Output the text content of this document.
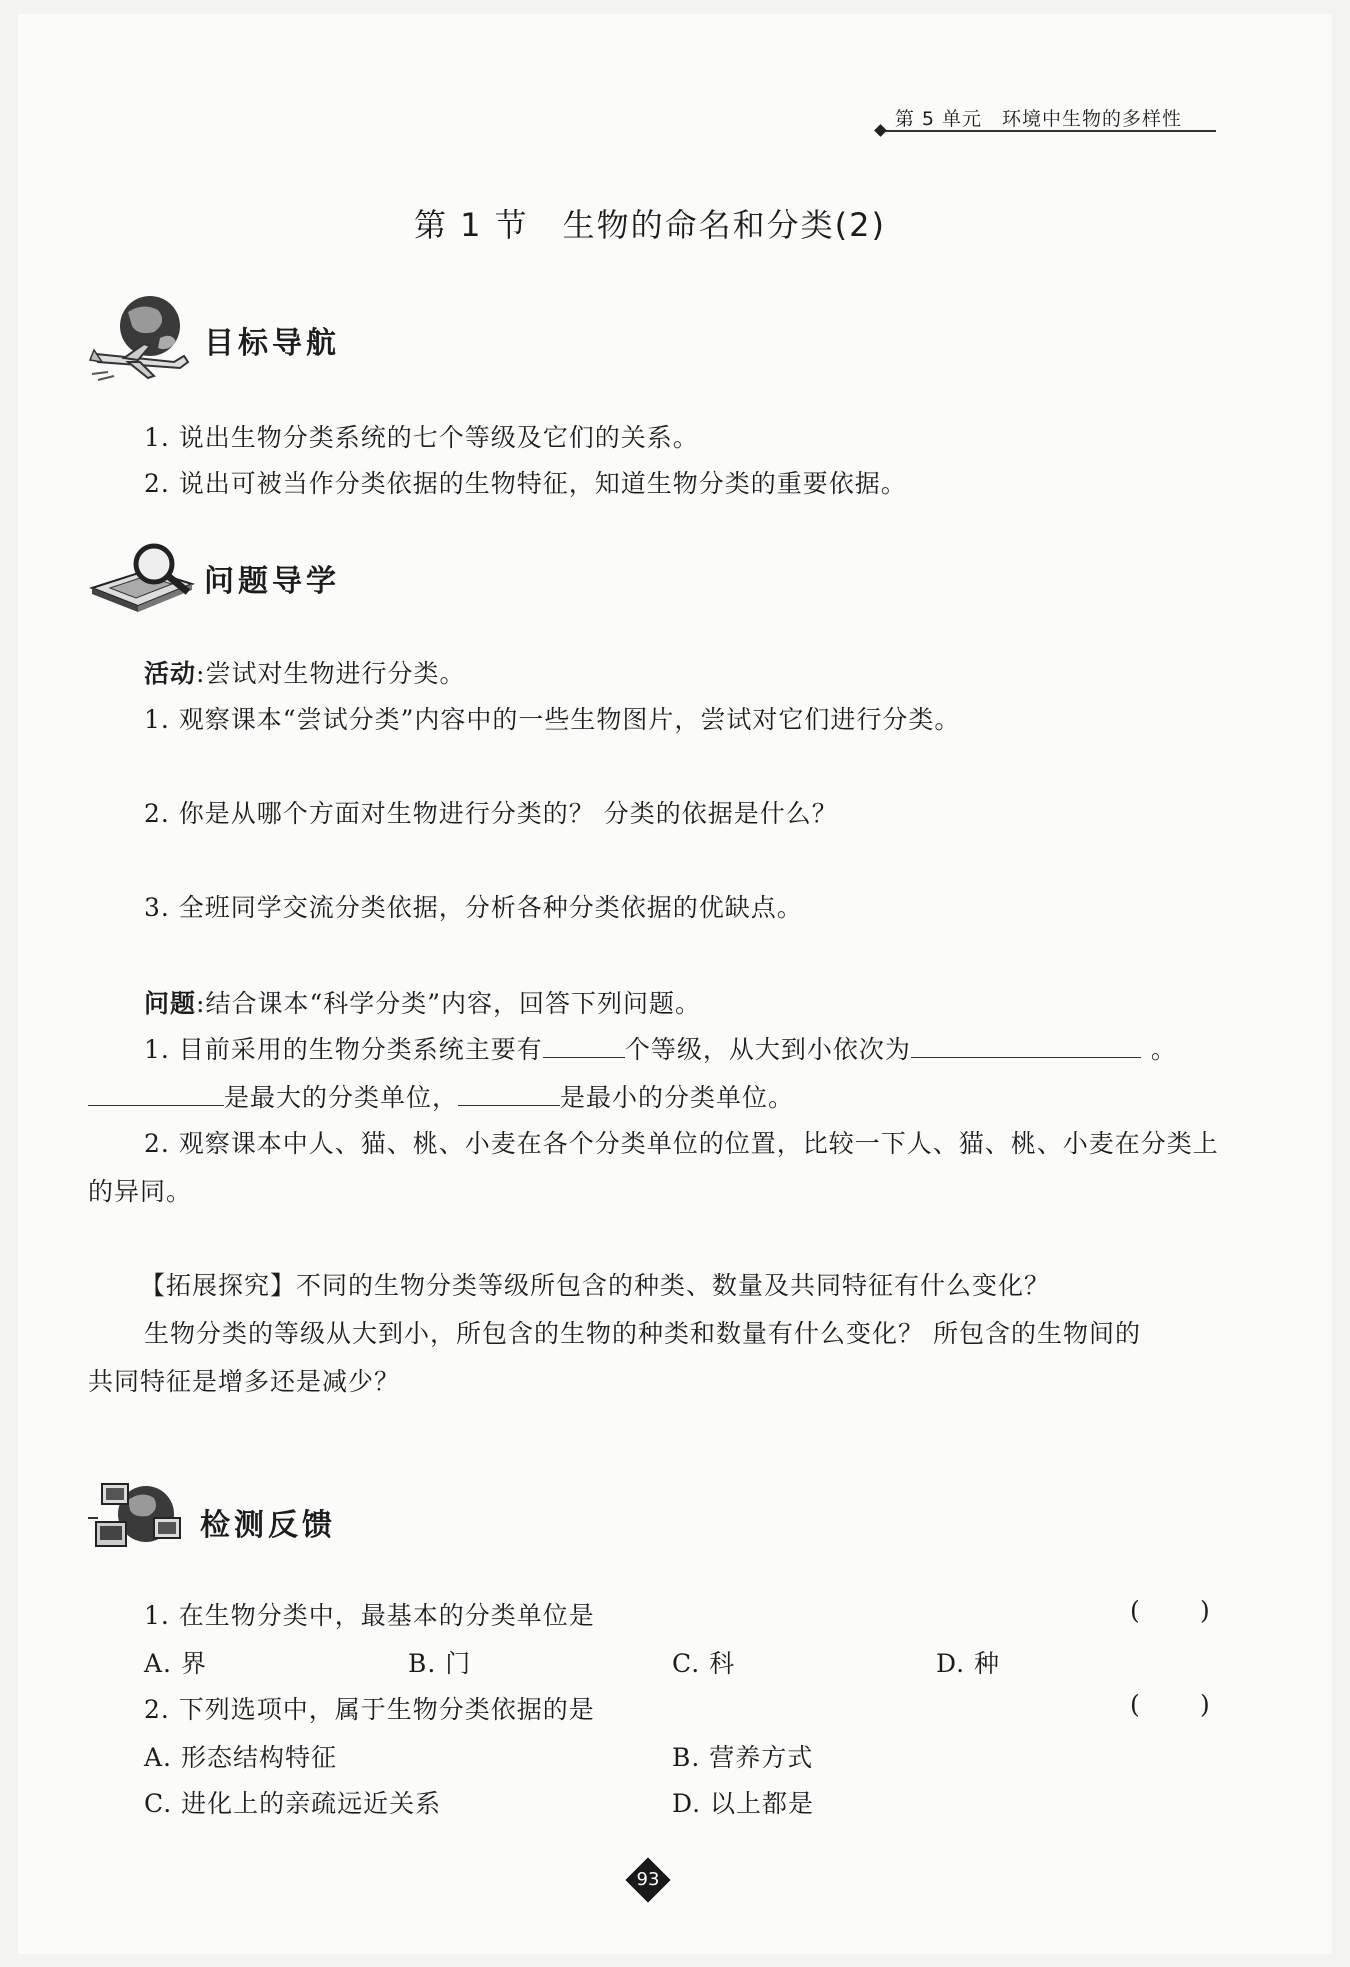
第 5 单元　环境中生物的多样性
第 1 节　生物的命名和分类(2)
目标导航
1. 说出生物分类系统的七个等级及它们的关系。
2. 说出可被当作分类依据的生物特征，知道生物分类的重要依据。
问题导学
活动:尝试对生物进行分类。
1. 观察课本“尝试分类”内容中的一些生物图片，尝试对它们进行分类。
2. 你是从哪个方面对生物进行分类的？ 分类的依据是什么？
3. 全班同学交流分类依据，分析各种分类依据的优缺点。
问题:结合课本“科学分类”内容，回答下列问题。
1. 目前采用的生物分类系统主要有	个等级，从大到小依次为	。
是最大的分类单位，	是最小的分类单位。
2. 观察课本中人、猫、桃、小麦在各个分类单位的位置，比较一下人、猫、桃、小麦在分类上
的异同。
【拓展探究】不同的生物分类等级所包含的种类、数量及共同特征有什么变化？
生物分类的等级从大到小，所包含的生物的种类和数量有什么变化？ 所包含的生物间的
共同特征是增多还是减少？
检测反馈
1. 在生物分类中，最基本的分类单位是	( )
A. 界	B. 门	C. 科	D. 种
2. 下列选项中，属于生物分类依据的是	( )
A. 形态结构特征	B. 营养方式
C. 进化上的亲疏远近关系	D. 以上都是
93
